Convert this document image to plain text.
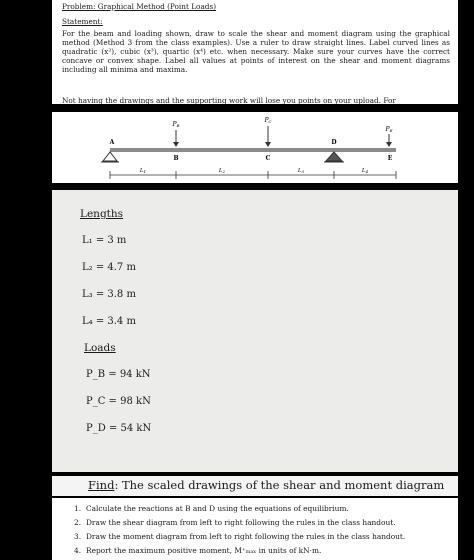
Problem: Graphical Method (Point Loads)
Statement:
For the beam and loading shown, draw to scale the shear and moment diagram using the graphical method (Method 3 from the class examples). Use a ruler to draw straight lines. Label curved lines as quadratic (x²), cubic (x³), quartic (x⁴) etc. when necessary. Make sure your curves have the correct concave or convex shape. Label all values at points of interest on the shear and moment diagrams including all minima and maxima.
Not having the drawings and the supporting work will lose you points on your upload. For
PB
PC
PE
A
B	C
D
E
L1	L2	L3	L4
Lengths
L₁ = 3 m
L₂ = 4.7 m
L₃ = 3.8 m
L₄ = 3.4 m
Loads
P_B = 94 kN
P_C = 98 kN
P_D = 54 kN
Find: The scaled drawings of the shear and moment diagram
1. Calculate the reactions at B and D using the equations of equilibrium.
2. Draw the shear diagram from left to right following the rules in the class handout.
3. Draw the moment diagram from left to right following the rules in the class handout.
4. Report the maximum positive moment, M⁺ₘₐₓ in units of kN·m.
